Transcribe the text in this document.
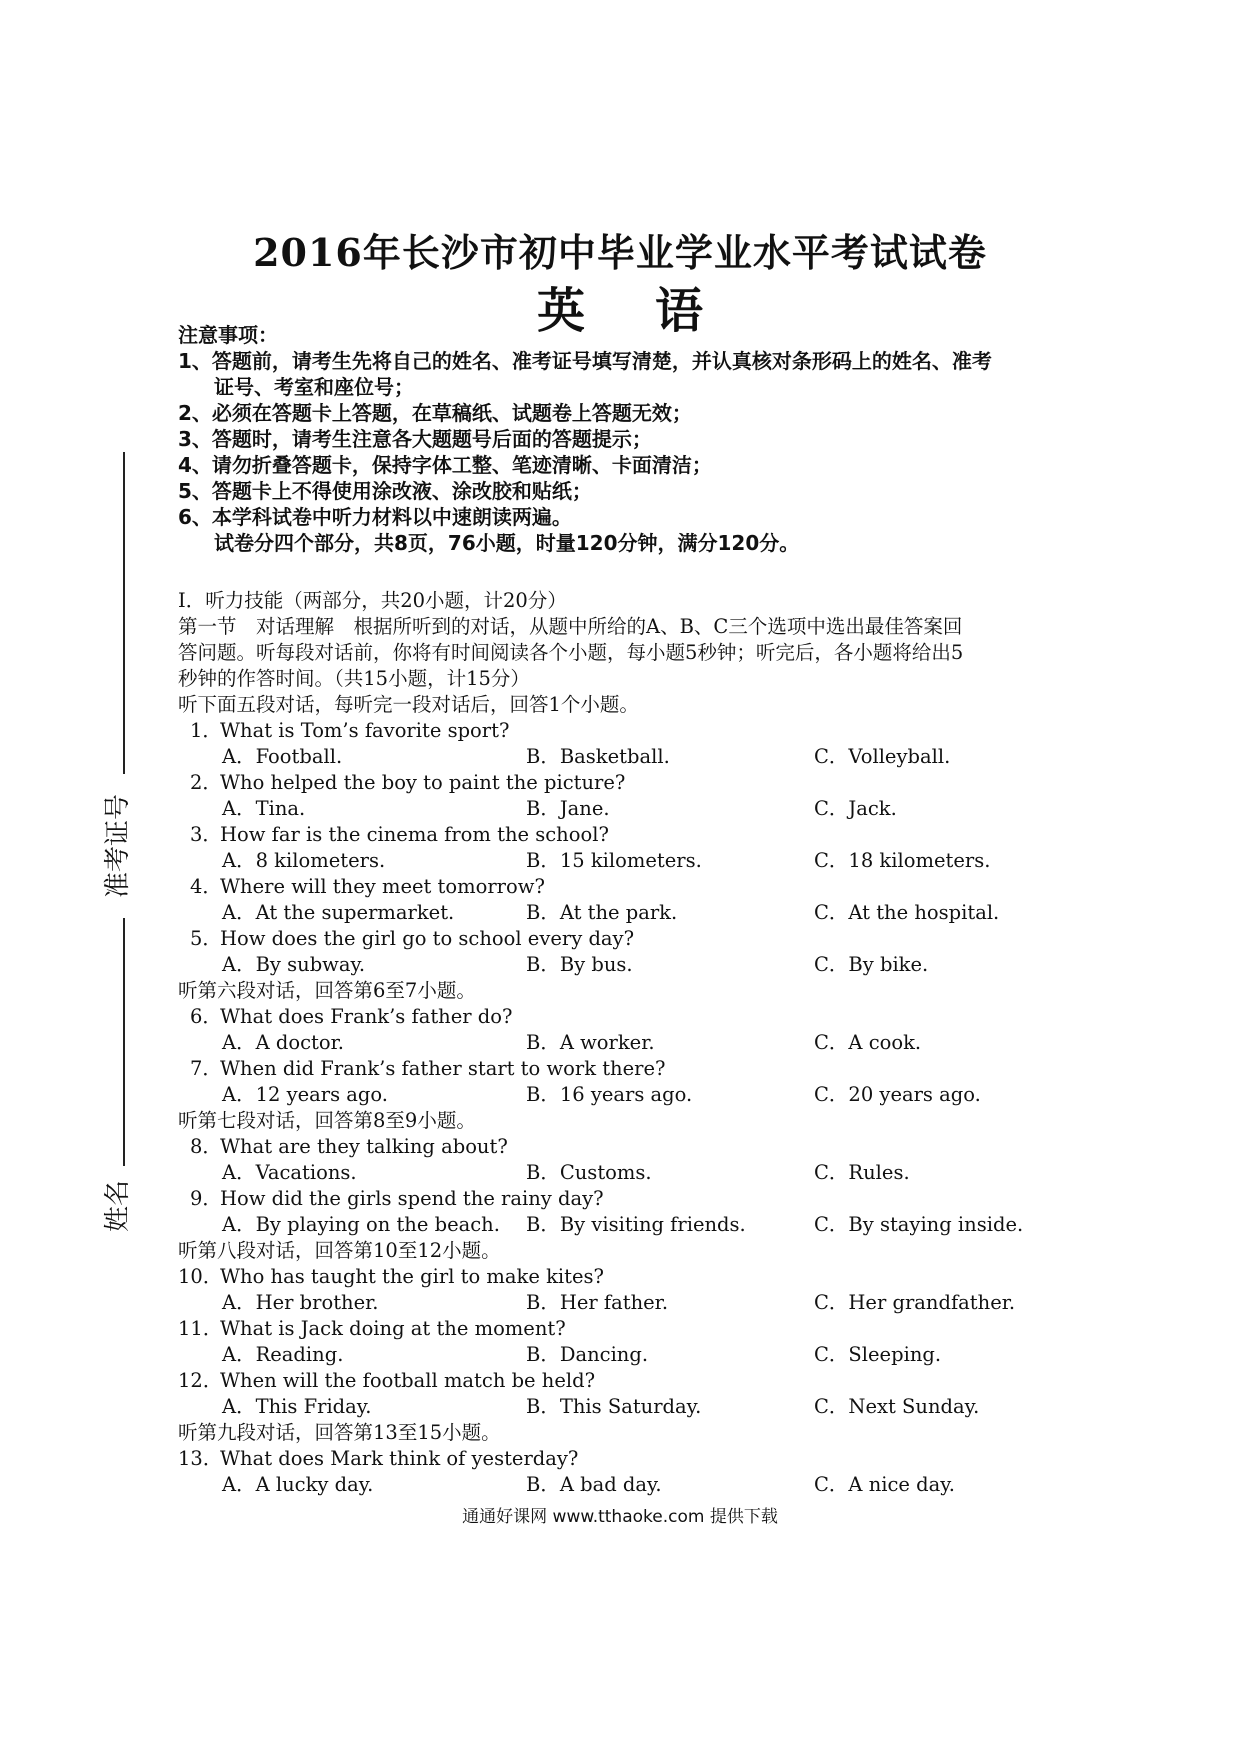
2016年长沙市初中毕业学业水平考试试卷
英语
准考证号
姓名
注意事项：
1、答题前，请考生先将自己的姓名、准考证号填写清楚，并认真核对条形码上的姓名、准考
证号、考室和座位号；
2、必须在答题卡上答题，在草稿纸、试题卷上答题无效；
3、答题时，请考生注意各大题题号后面的答题提示；
4、请勿折叠答题卡，保持字体工整、笔迹清晰、卡面清洁；
5、答题卡上不得使用涂改液、涂改胶和贴纸；
6、本学科试卷中听力材料以中速朗读两遍。
试卷分四个部分，共8页，76小题，时量120分钟，满分120分。
I．听力技能（两部分，共20小题，计20分）
第一节　对话理解　根据所听到的对话，从题中所给的A、B、C三个选项中选出最佳答案回
答问题。听每段对话前，你将有时间阅读各个小题，每小题5秒钟；听完后，各小题将给出5
秒钟的作答时间。（共15小题，计15分）
听下面五段对话，每听完一段对话后，回答1个小题。
1．What is Tom’s favorite sport?
A．Football.	B．Basketball.	C．Volleyball.
2．Who helped the boy to paint the picture?
A．Tina.	B．Jane.	C．Jack.
3．How far is the cinema from the school?
A．8 kilometers.	B．15 kilometers.	C．18 kilometers.
4．Where will they meet tomorrow?
A．At the supermarket.	B．At the park.	C．At the hospital.
5．How does the girl go to school every day?
A．By subway.	B．By bus.	C．By bike.
听第六段对话，回答第6至7小题。
6．What does Frank’s father do?
A．A doctor.	B．A worker.	C．A cook.
7．When did Frank’s father start to work there?
A．12 years ago.	B．16 years ago.	C．20 years ago.
听第七段对话，回答第8至9小题。
8．What are they talking about?
A．Vacations.	B．Customs.	C．Rules.
9．How did the girls spend the rainy day?
A．By playing on the beach. B．By visiting friends.	C．By staying inside.
听第八段对话，回答第10至12小题。
10．Who has taught the girl to make kites?
A．Her brother.	B．Her father.	C．Her grandfather.
11．What is Jack doing at the moment?
A．Reading.	B．Dancing.	C．Sleeping.
12．When will the football match be held?
A．This Friday.	B．This Saturday.	C．Next Sunday.
听第九段对话，回答第13至15小题。
13．What does Mark think of yesterday?
A．A lucky day.	B．A bad day.	C．A nice day.
通通好课网 www.tthaoke.com 提供下载
